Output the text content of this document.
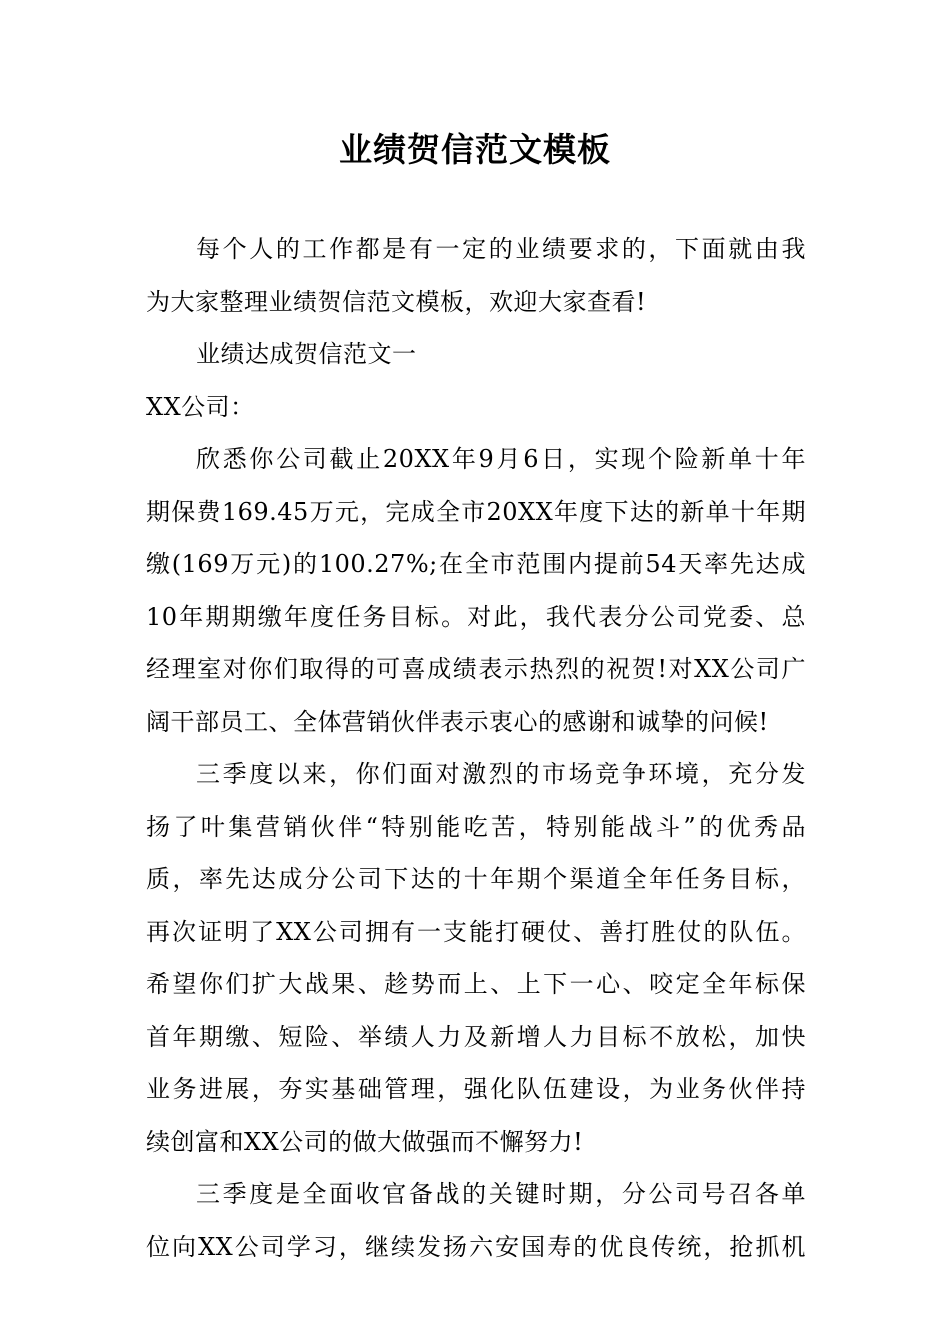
业绩贺信范文模板
每个人的工作都是有一定的业绩要求的，下面就由我
为大家整理业绩贺信范文模板，欢迎大家查看!
业绩达成贺信范文一
XX公司：
欣悉你公司截止20XX年9月6日，实现个险新单十年
期保费169.45万元，完成全市20XX年度下达的新单十年期
缴(169万元)的100.27%;在全市范围内提前54天率先达成
10年期期缴年度任务目标。对此，我代表分公司党委、总
经理室对你们取得的可喜成绩表示热烈的祝贺!对XX公司广
阔干部员工、全体营销伙伴表示衷心的感谢和诚挚的问候!
三季度以来，你们面对激烈的市场竞争环境，充分发
扬了叶集营销伙伴“特别能吃苦，特别能战斗”的优秀品
质，率先达成分公司下达的十年期个渠道全年任务目标，
再次证明了XX公司拥有一支能打硬仗、善打胜仗的队伍。
希望你们扩大战果、趁势而上、上下一心、咬定全年标保
首年期缴、短险、举绩人力及新增人力目标不放松，加快
业务进展，夯实基础管理，强化队伍建设，为业务伙伴持
续创富和XX公司的做大做强而不懈努力!
三季度是全面收官备战的关键时期，分公司号召各单
位向XX公司学习，继续发扬六安国寿的优良传统，抢抓机
